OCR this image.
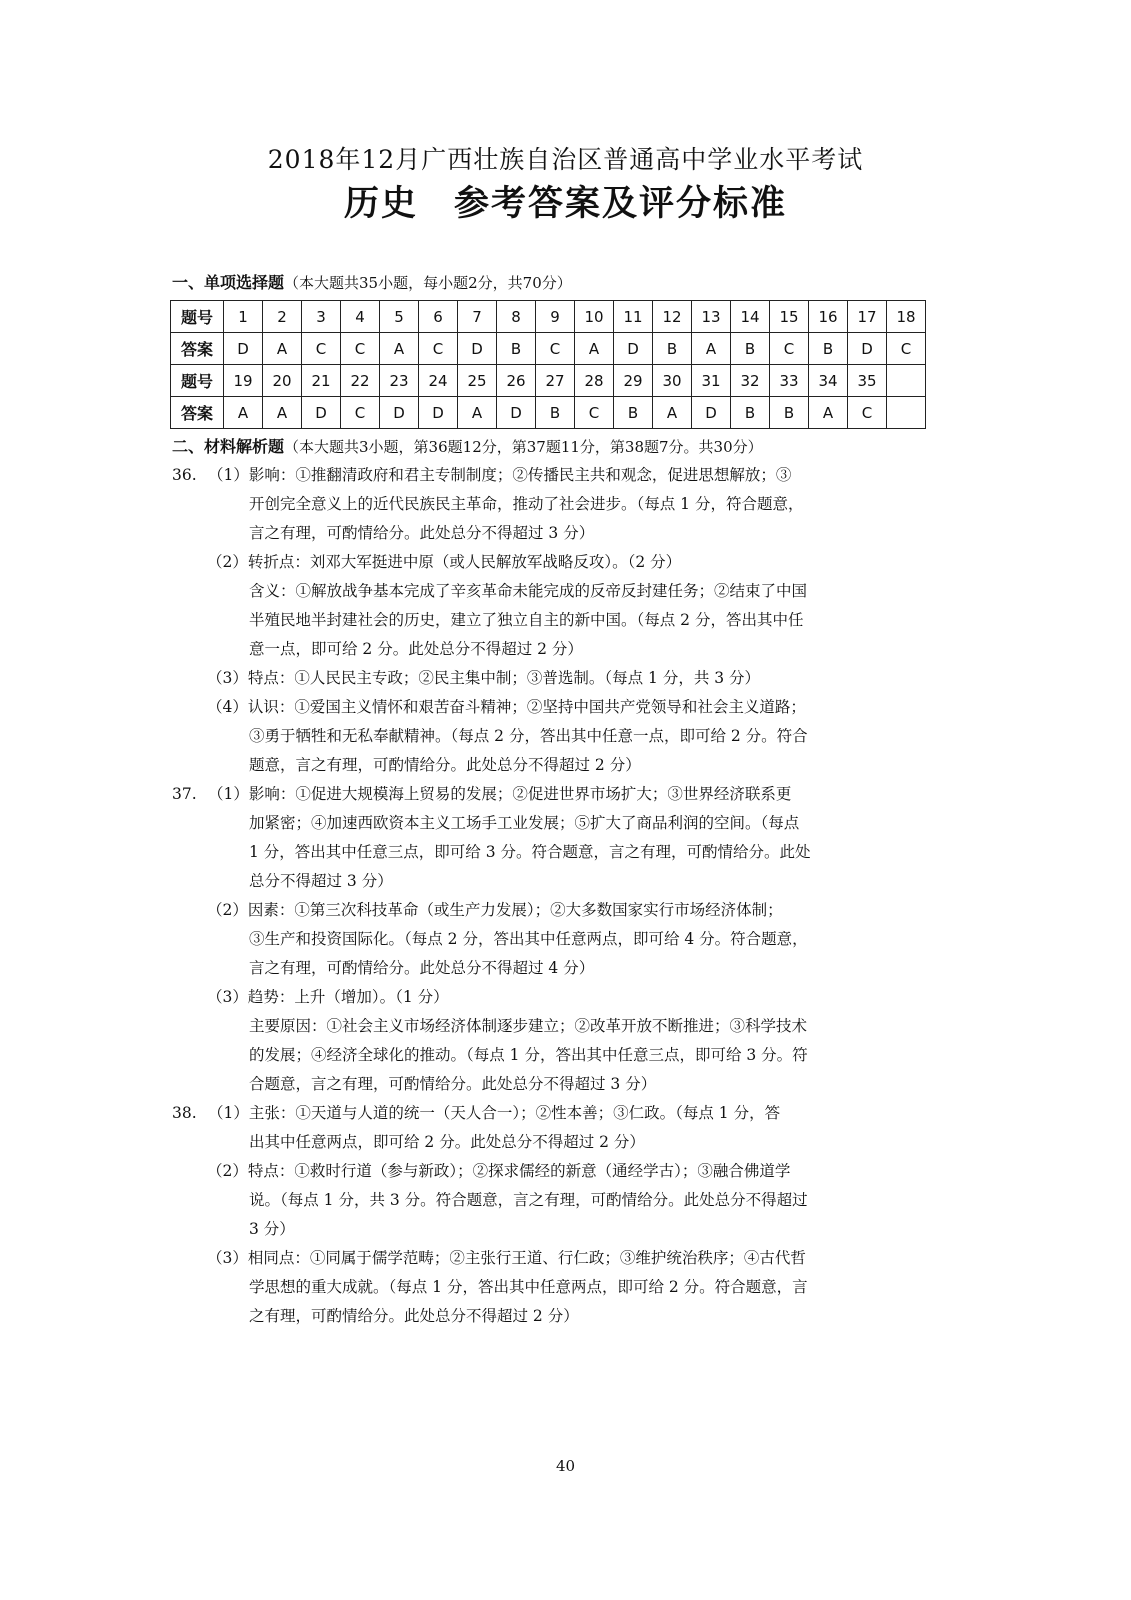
2018年12月广西壮族自治区普通高中学业水平考试
历史 参考答案及评分标准
一、单项选择题（本大题共35小题，每小题2分，共70分）
题号	1	2	3	4	5	6	7	8	9	10	11	12	13	14	15	16	17	18
答案	D	A	C	C	A	C	D	B	C	A	D	B	A	B	C	B	D	C
题号	19	20	21	22	23	24	25	26	27	28	29	30	31	32	33	34	35	
答案	A	A	D	C	D	D	A	D	B	C	B	A	D	B	B	A	C	
二、材料解析题（本大题共3小题，第36题12分，第37题11分，第38题7分。共30分）
36. （1）影响：①推翻清政府和君主专制制度；②传播民主共和观念，促进思想解放；③
开创完全意义上的近代民族民主革命，推动了社会进步。（每点 1 分，符合题意，
言之有理，可酌情给分。此处总分不得超过 3 分）
（2）转折点：刘邓大军挺进中原（或人民解放军战略反攻）。（2 分）
含义：①解放战争基本完成了辛亥革命未能完成的反帝反封建任务；②结束了中国
半殖民地半封建社会的历史，建立了独立自主的新中国。（每点 2 分，答出其中任
意一点，即可给 2 分。此处总分不得超过 2 分）
（3）特点：①人民民主专政；②民主集中制；③普选制。（每点 1 分，共 3 分）
（4）认识：①爱国主义情怀和艰苦奋斗精神；②坚持中国共产党领导和社会主义道路；
③勇于牺牲和无私奉献精神。（每点 2 分，答出其中任意一点，即可给 2 分。符合
题意，言之有理，可酌情给分。此处总分不得超过 2 分）
37. （1）影响：①促进大规模海上贸易的发展；②促进世界市场扩大；③世界经济联系更
加紧密；④加速西欧资本主义工场手工业发展；⑤扩大了商品利润的空间。（每点
1 分，答出其中任意三点，即可给 3 分。符合题意，言之有理，可酌情给分。此处
总分不得超过 3 分）
（2）因素：①第三次科技革命（或生产力发展）；②大多数国家实行市场经济体制；
③生产和投资国际化。（每点 2 分，答出其中任意两点，即可给 4 分。符合题意，
言之有理，可酌情给分。此处总分不得超过 4 分）
（3）趋势：上升（增加）。（1 分）
主要原因：①社会主义市场经济体制逐步建立；②改革开放不断推进；③科学技术
的发展；④经济全球化的推动。（每点 1 分，答出其中任意三点，即可给 3 分。符
合题意，言之有理，可酌情给分。此处总分不得超过 3 分）
38. （1）主张：①天道与人道的统一（天人合一）；②性本善；③仁政。（每点 1 分，答
出其中任意两点，即可给 2 分。此处总分不得超过 2 分）
（2）特点：①救时行道（参与新政）；②探求儒经的新意（通经学古）；③融合佛道学
说。（每点 1 分，共 3 分。符合题意，言之有理，可酌情给分。此处总分不得超过
3 分）
（3）相同点：①同属于儒学范畴；②主张行王道、行仁政；③维护统治秩序；④古代哲
学思想的重大成就。（每点 1 分，答出其中任意两点，即可给 2 分。符合题意，言
之有理，可酌情给分。此处总分不得超过 2 分）
40
